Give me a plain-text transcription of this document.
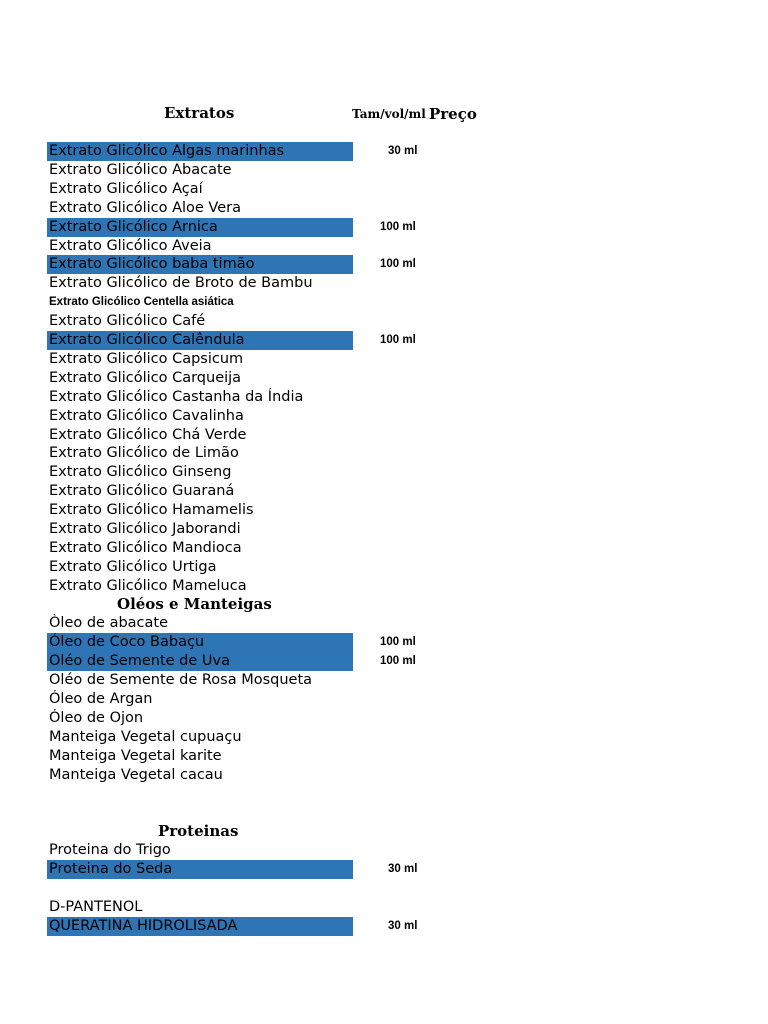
Extratos	Tam/vol/ml Preço
Extrato Glicólico Algas marinhas	30 ml
Extrato Glicólico Abacate
Extrato Glicólico Açaí
Extrato Glicólico Aloe Vera
Extrato Glicólico Arnica	100 ml
Extrato Glicólico Aveia
Extrato Glicólico baba timão	100 ml
Extrato Glicólico de Broto de Bambu
Extrato Glicólico Centella asiática
Extrato Glicólico Café
Extrato Glicólico Calêndula	100 ml
Extrato Glicólico Capsicum
Extrato Glicólico Carqueija
Extrato Glicólico Castanha da Índia
Extrato Glicólico Cavalinha
Extrato Glicólico Chá Verde
Extrato Glicólico de Limão
Extrato Glicólico Ginseng
Extrato Glicólico Guaraná
Extrato Glicólico Hamamelis
Extrato Glicólico Jaborandi
Extrato Glicólico Mandioca
Extrato Glicólico Urtiga
Extrato Glicólico Mameluca
Oléos e Manteigas
Òleo de abacate
Óleo de Coco Babaçu	100 ml
Oléo de Semente de Uva	100 ml
Oléo de Semente de Rosa Mosqueta
Óleo de Argan
Óleo de Ojon
Manteiga Vegetal cupuaçu
Manteiga Vegetal karite
Manteiga Vegetal cacau
Proteinas
Proteina do Trigo
Proteina do Seda	30 ml
D-PANTENOL
QUERATINA HIDROLISADA	30 ml
